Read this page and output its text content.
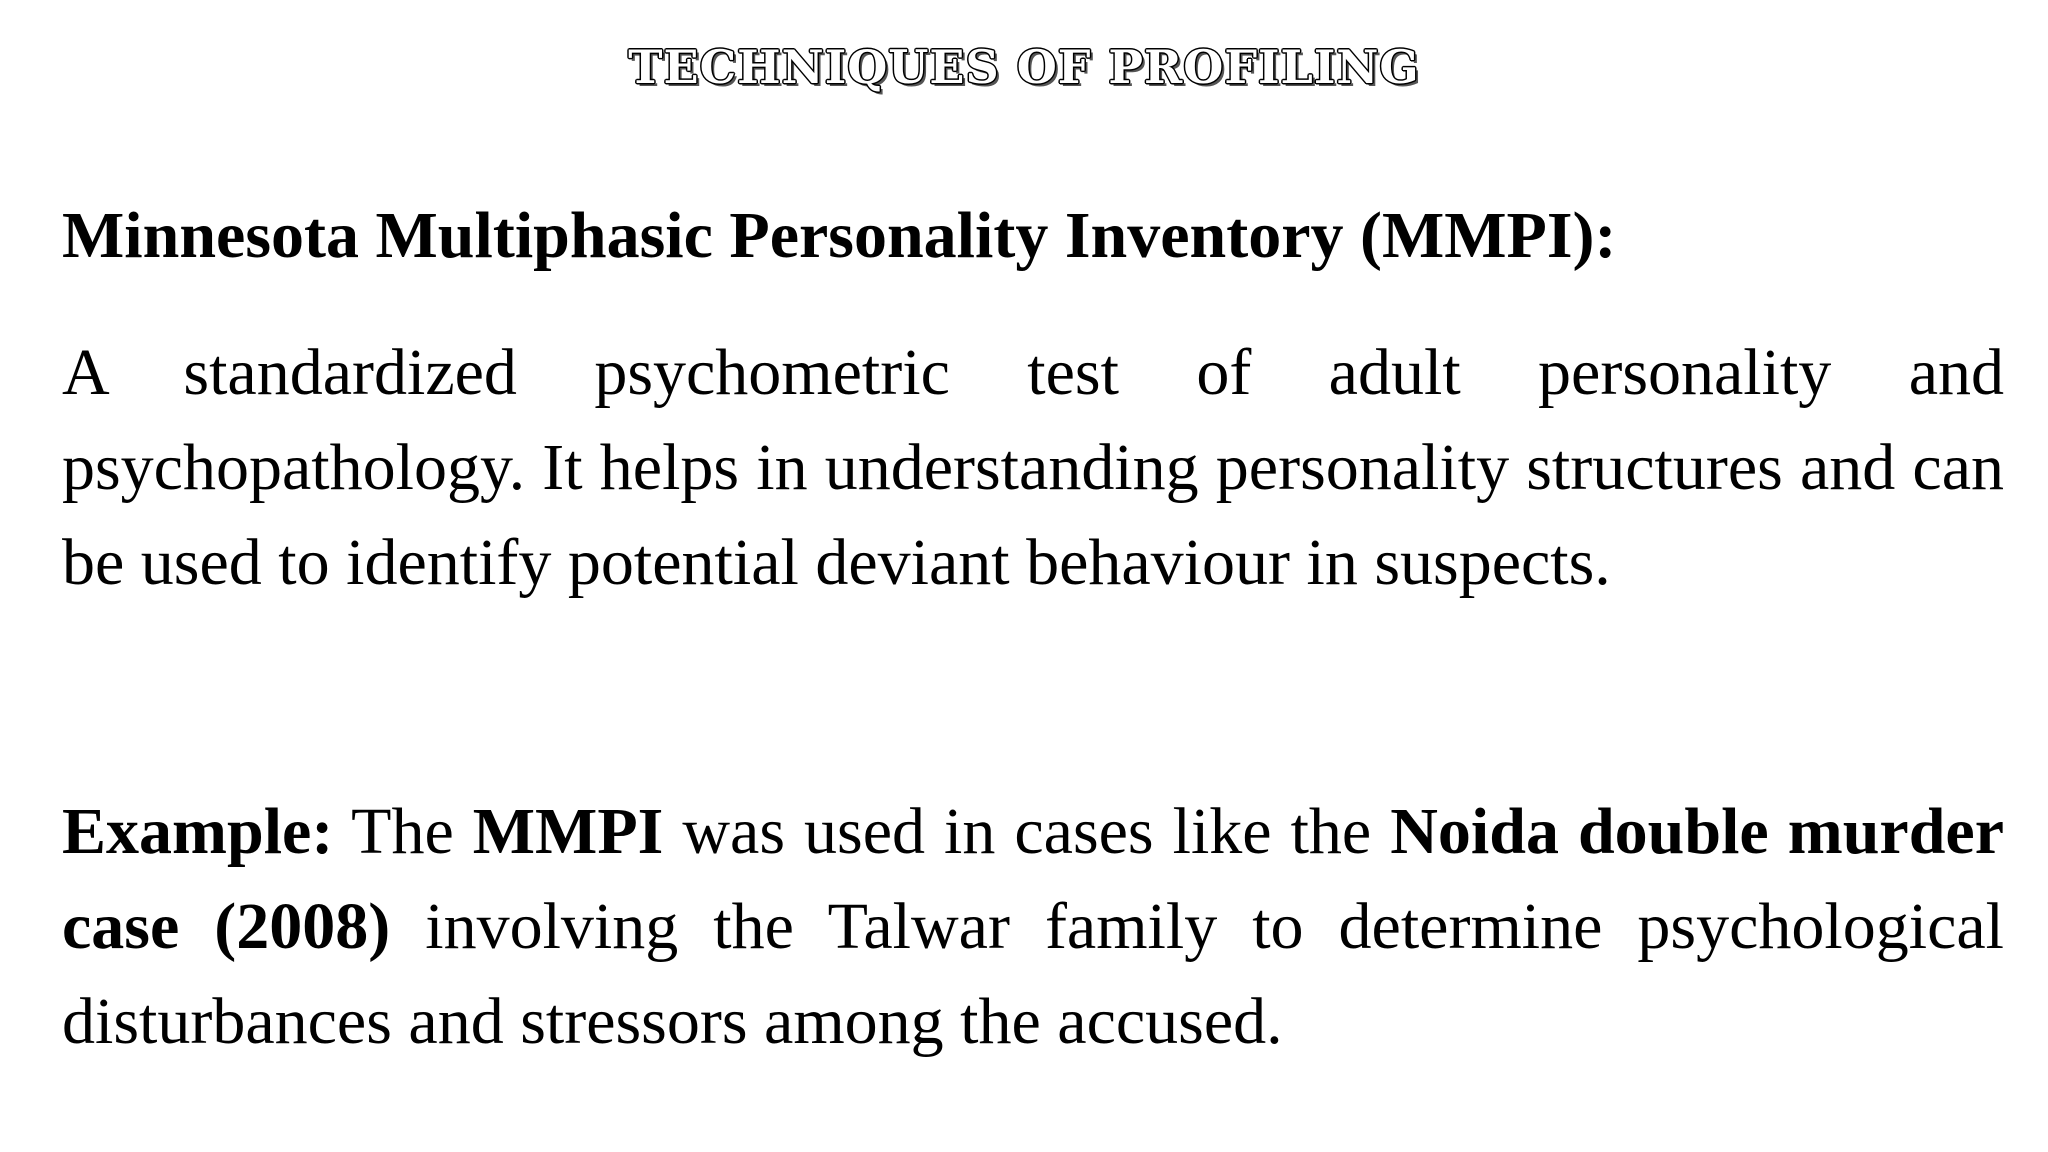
TECHNIQUES OF PROFILING
Minnesota Multiphasic Personality Inventory (MMPI):

A standardized psychometric test of adult personality and psychopathology. It helps in understanding personality structures and can be used to identify potential deviant behaviour in suspects.

Example: The MMPI was used in cases like the Noida double murder case (2008) involving the Talwar family to determine psychological disturbances and stressors among the accused.
